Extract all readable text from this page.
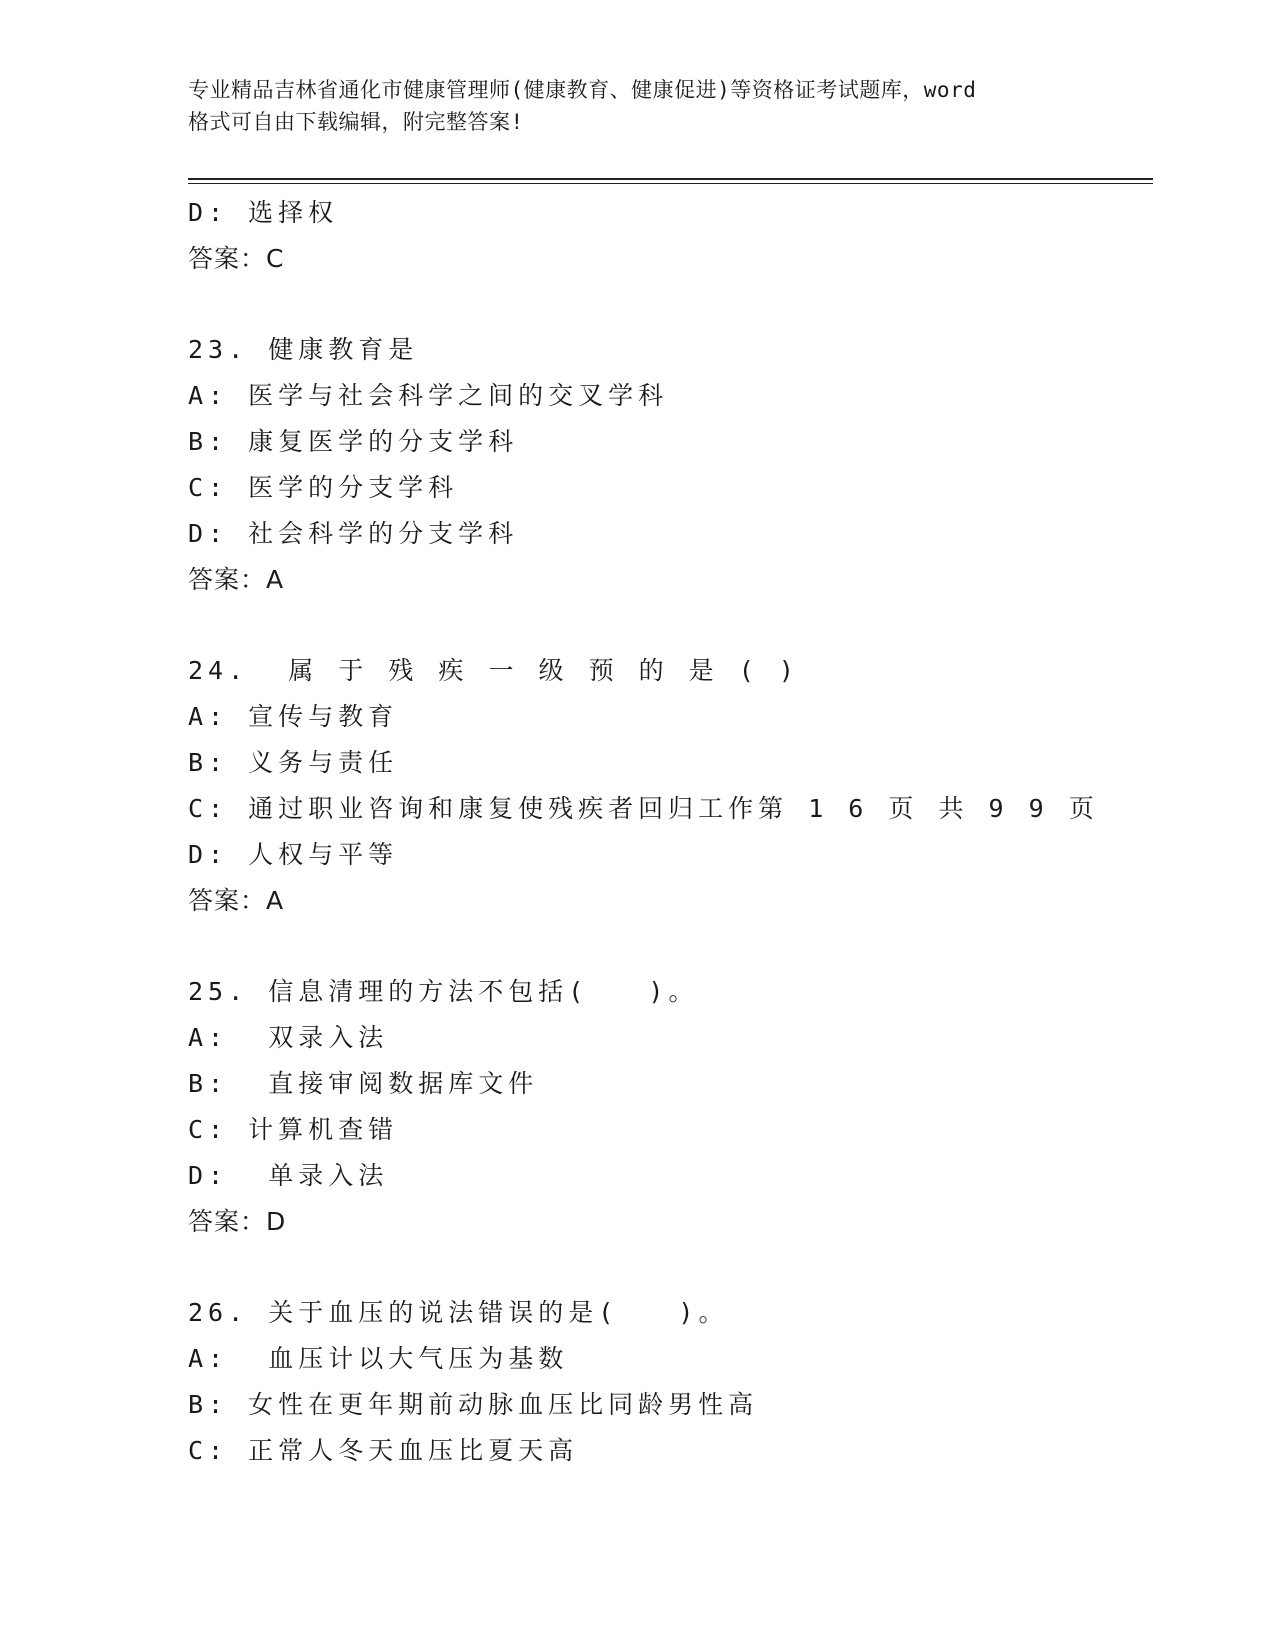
专业精品吉林省通化市健康管理师(健康教育、健康促进)等资格证考试题库，word
格式可自由下载编辑，附完整答案!
D: 选择权
答案：C
23. 健康教育是
A: 医学与社会科学之间的交叉学科
B: 康复医学的分支学科
C: 医学的分支学科
D: 社会科学的分支学科
答案：A
24.  属 于 残 疾 一 级 预 的 是 ( )
A: 宣传与教育
B: 义务与责任
C: 通过职业咨询和康复使残疾者回归工作第 1 6 页 共 9 9 页
D: 人权与平等
答案：A
25. 信息清理的方法不包括(   )。
A:  双录入法
B:  直接审阅数据库文件
C: 计算机查错
D:  单录入法
答案：D
26. 关于血压的说法错误的是(   )。
A:  血压计以大气压为基数
B: 女性在更年期前动脉血压比同龄男性高
C: 正常人冬天血压比夏天高
